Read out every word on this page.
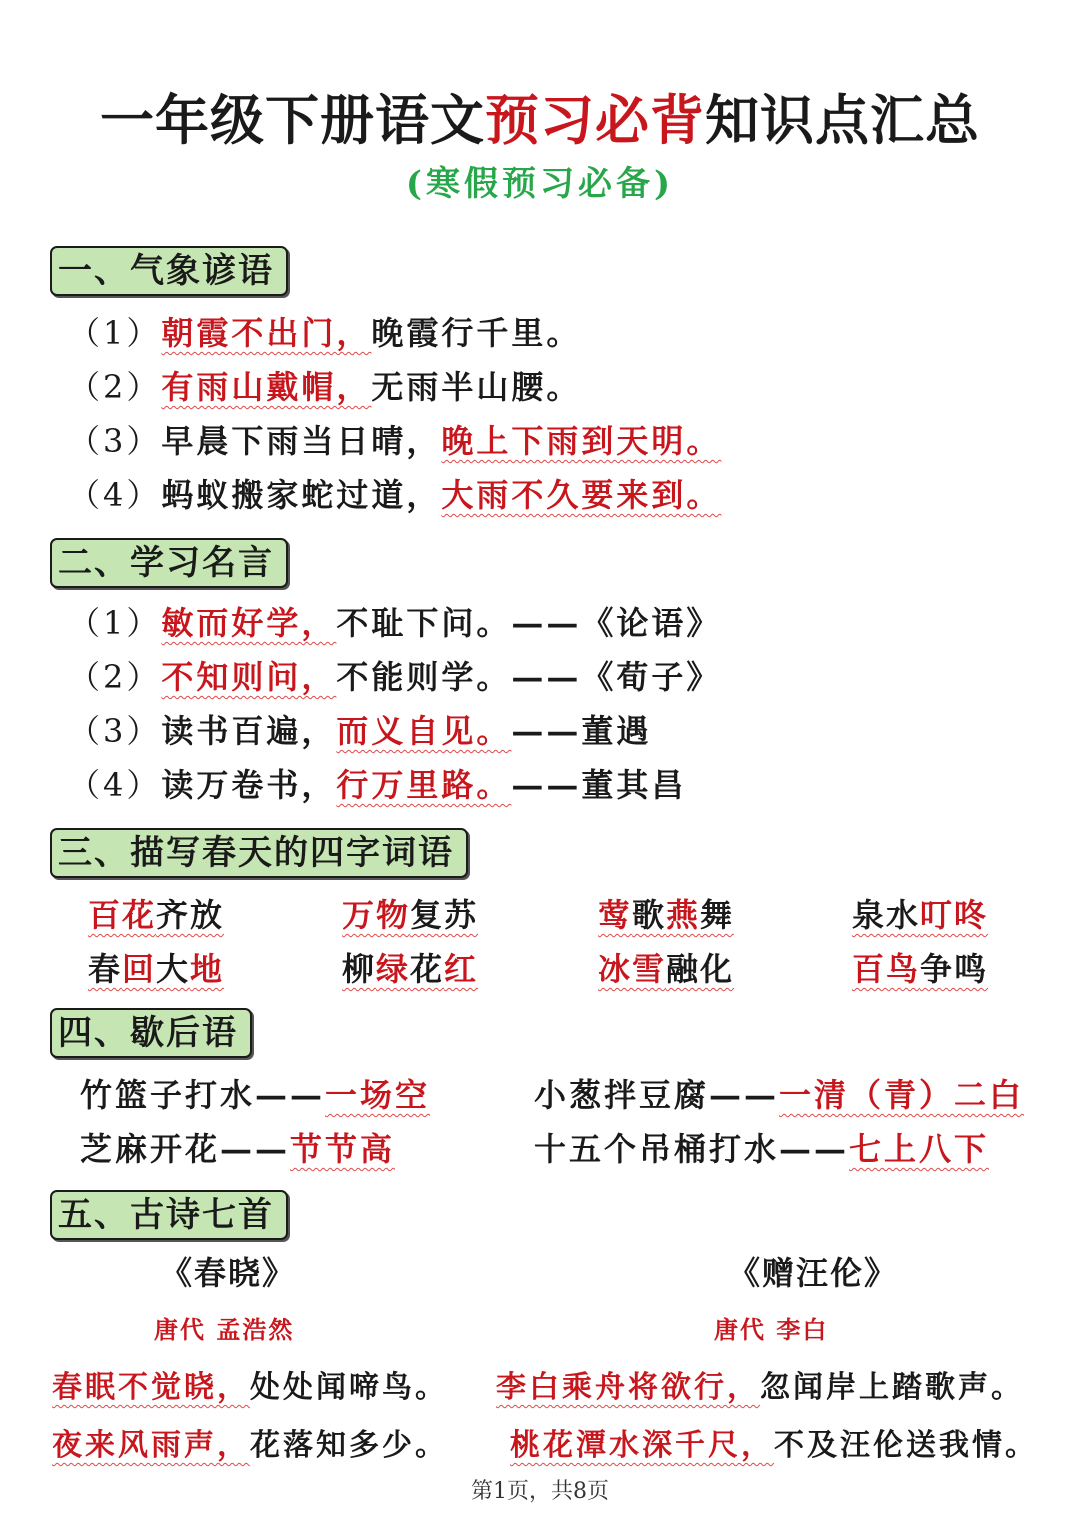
一年级下册语文预习必背知识点汇总
(寒假预习必备)
一、气象谚语
（1）朝霞不出门，晚霞行千里。
（2）有雨山戴帽，无雨半山腰。
（3）早晨下雨当日晴，晚上下雨到天明。
（4）蚂蚁搬家蛇过道，大雨不久要来到。
二、学习名言
（1）敏而好学，不耻下问。——《论语》
（2）不知则问，不能则学。——《荀子》
（3）读书百遍，而义自见。——董遇
（4）读万卷书，行万里路。——董其昌
三、描写春天的四字词语
百花齐放	万物复苏	莺歌燕舞	泉水叮咚
春回大地	柳绿花红	冰雪融化	百鸟争鸣
四、歇后语
竹篮子打水——一场空	小葱拌豆腐——一清（青）二白
芝麻开花——节节高	十五个吊桶打水——七上八下
五、古诗七首
《春晓》
唐代 孟浩然
春眠不觉晓，处处闻啼鸟。
夜来风雨声，花落知多少。
《赠汪伦》
唐代 李白
李白乘舟将欲行，忽闻岸上踏歌声。
桃花潭水深千尺，不及汪伦送我情。
第1页，共8页
